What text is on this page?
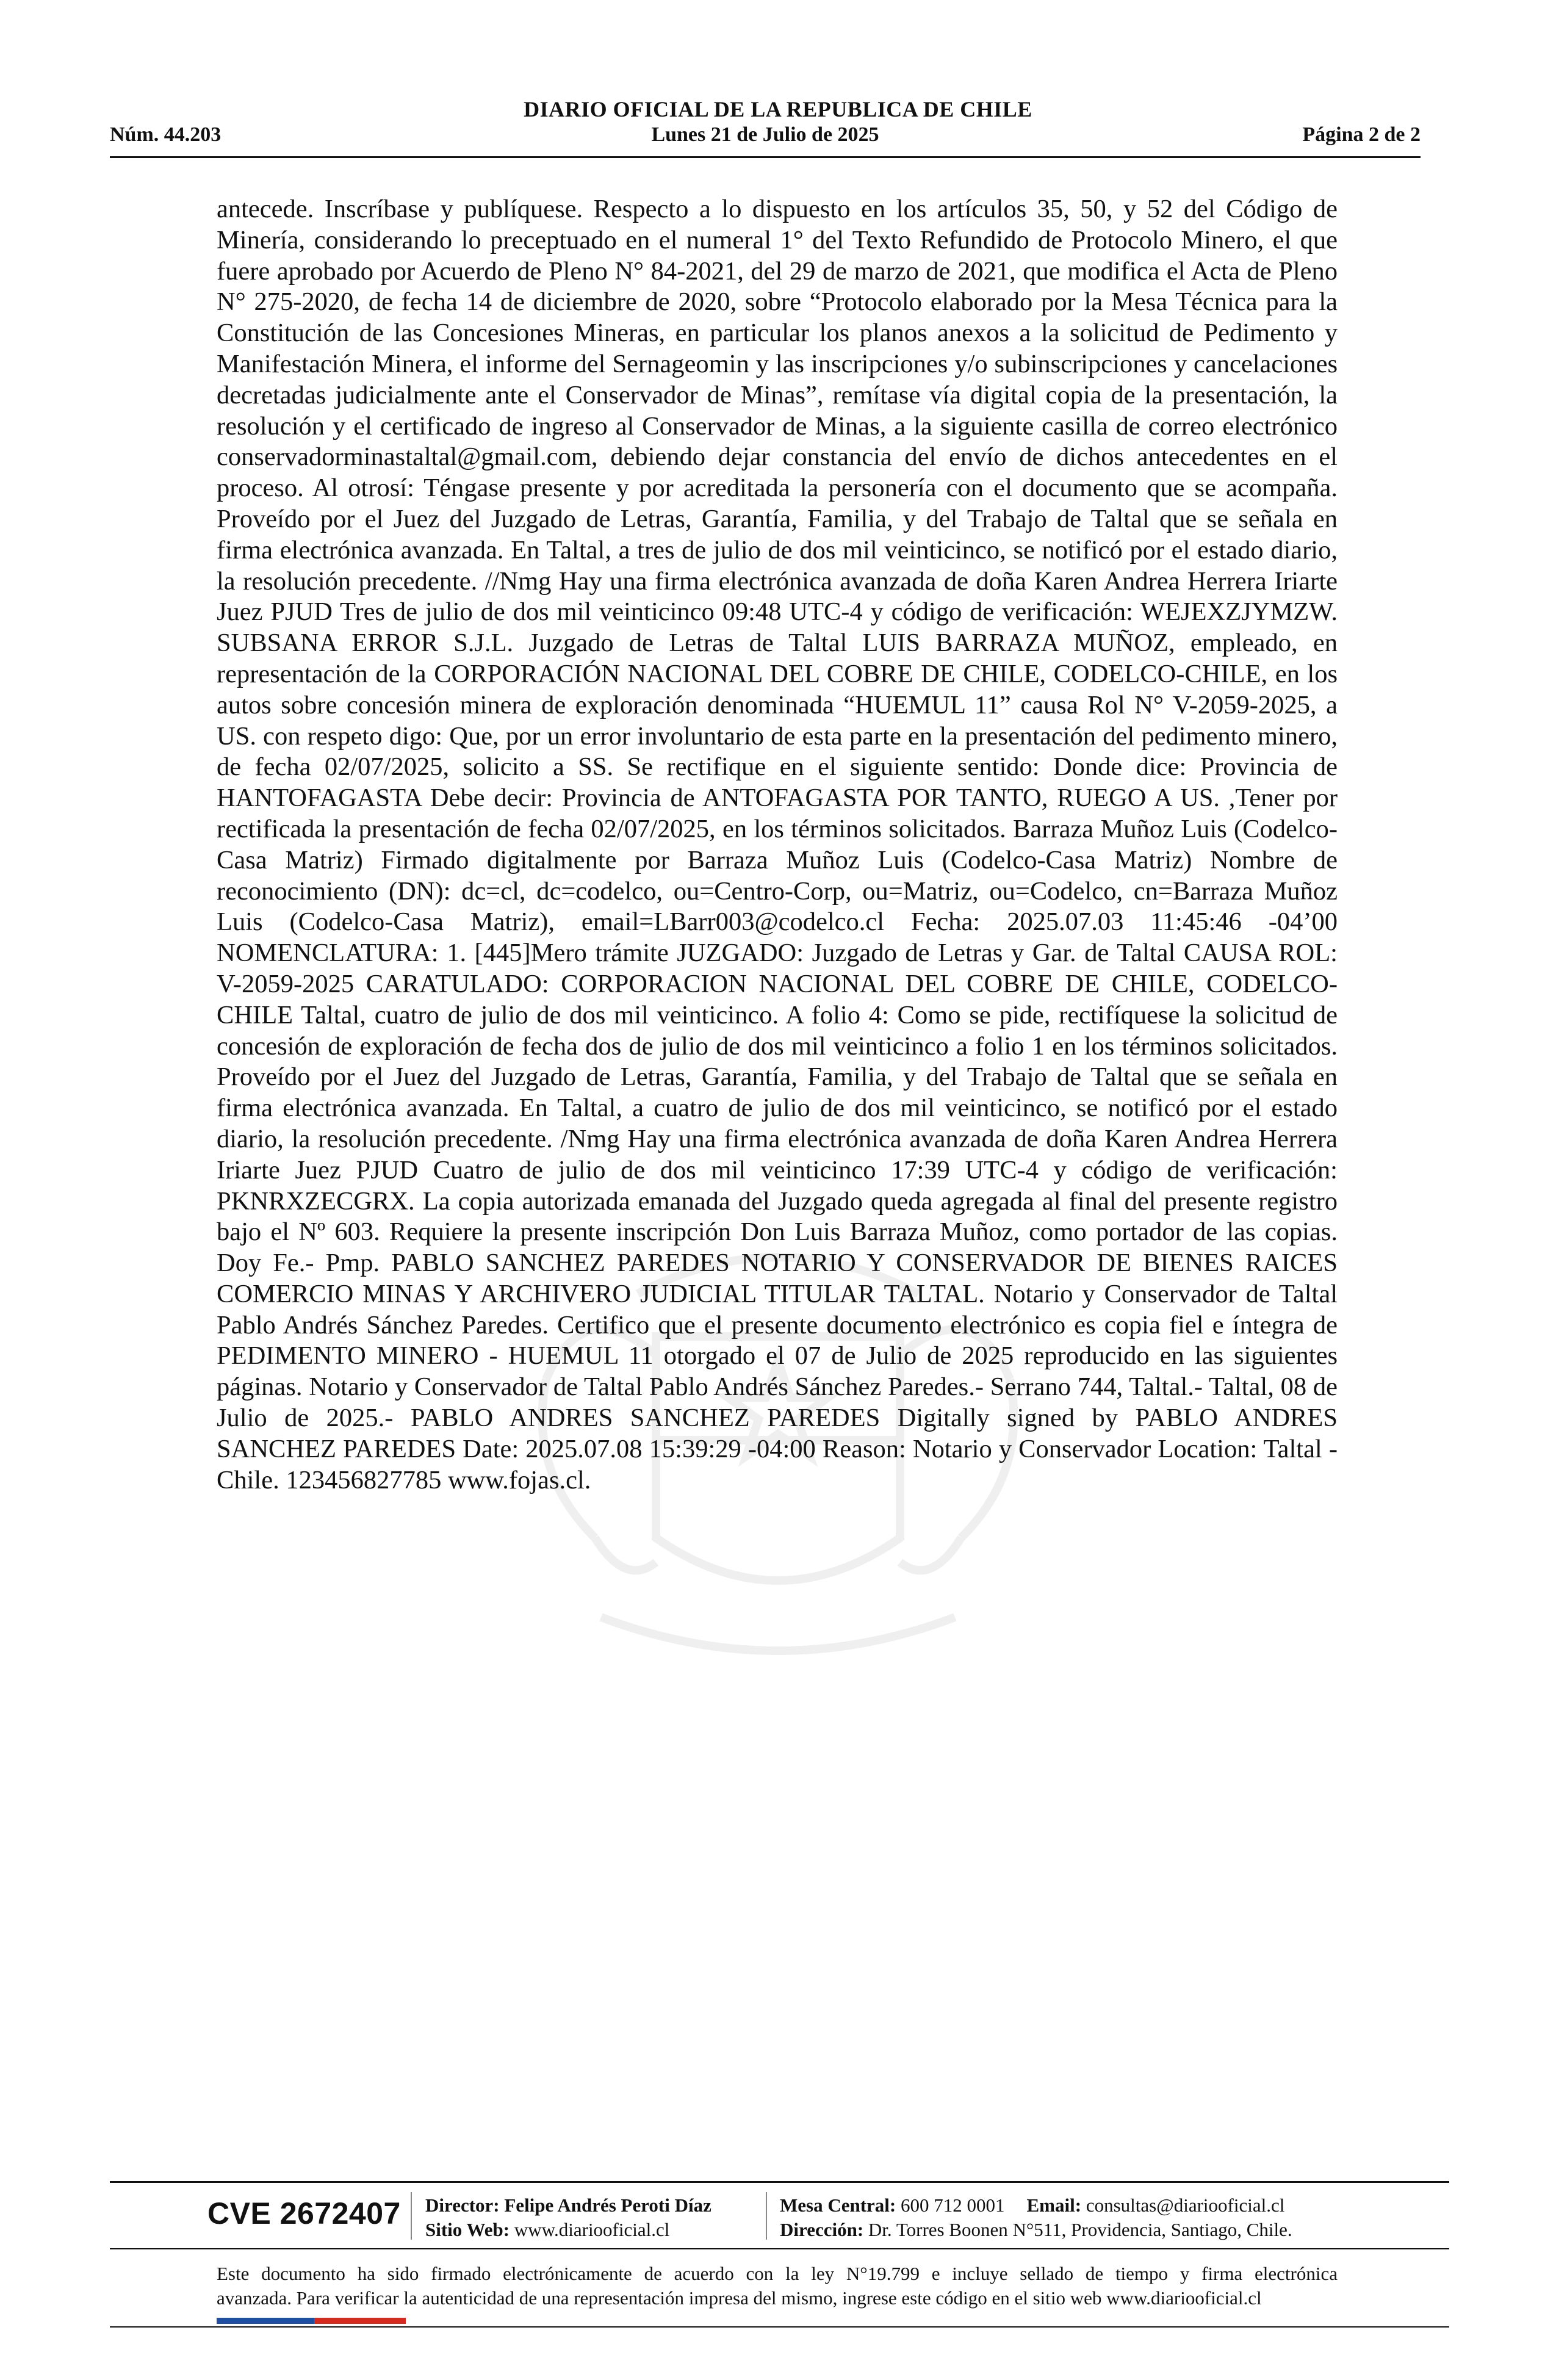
DIARIO OFICIAL DE LA REPUBLICA DE CHILE
Núm. 44.203	Lunes 21 de Julio de 2025	Página 2 de 2

antecede. Inscríbase y publíquese. Respecto a lo dispuesto en los artículos 35, 50, y 52 del Código de Minería, considerando lo preceptuado en el numeral 1° del Texto Refundido de Protocolo Minero, el que fuere aprobado por Acuerdo de Pleno N° 84-2021, del 29 de marzo de 2021, que modifica el Acta de Pleno N° 275-2020, de fecha 14 de diciembre de 2020, sobre “Protocolo elaborado por la Mesa Técnica para la Constitución de las Concesiones Mineras, en particular los planos anexos a la solicitud de Pedimento y Manifestación Minera, el informe del Sernageomin y las inscripciones y/o subinscripciones y cancelaciones decretadas judicialmente ante el Conservador de Minas”, remítase vía digital copia de la presentación, la resolución y el certificado de ingreso al Conservador de Minas, a la siguiente casilla de correo electrónico conservadorminastaltal@gmail.com, debiendo dejar constancia del envío de dichos antecedentes en el proceso. Al otrosí: Téngase presente y por acreditada la personería con el documento que se acompaña. Proveído por el Juez del Juzgado de Letras, Garantía, Familia, y del Trabajo de Taltal que se señala en firma electrónica avanzada. En Taltal, a tres de julio de dos mil veinticinco, se notificó por el estado diario, la resolución precedente. //Nmg Hay una firma electrónica avanzada de doña Karen Andrea Herrera Iriarte Juez PJUD Tres de julio de dos mil veinticinco 09:48 UTC-4 y código de verificación: WEJEXZJYMZW. SUBSANA ERROR S.J.L. Juzgado de Letras de Taltal LUIS BARRAZA MUÑOZ, empleado, en representación de la CORPORACIÓN NACIONAL DEL COBRE DE CHILE, CODELCO-CHILE, en los autos sobre concesión minera de exploración denominada “HUEMUL 11” causa Rol N° V-2059-2025, a US. con respeto digo: Que, por un error involuntario de esta parte en la presentación del pedimento minero, de fecha 02/07/2025, solicito a SS. Se rectifique en el siguiente sentido: Donde dice: Provincia de HANTOFAGASTA Debe decir: Provincia de ANTOFAGASTA POR TANTO, RUEGO A US. ,Tener por rectificada la presentación de fecha 02/07/2025, en los términos solicitados. Barraza Muñoz Luis (Codelco-Casa Matriz) Firmado digitalmente por Barraza Muñoz Luis (Codelco-Casa Matriz) Nombre de reconocimiento (DN): dc=cl, dc=codelco, ou=Centro-Corp, ou=Matriz, ou=Codelco, cn=Barraza Muñoz Luis (Codelco-Casa Matriz), email=LBarr003@codelco.cl Fecha: 2025.07.03 11:45:46 -04’00 NOMENCLATURA: 1. [445]Mero trámite JUZGADO: Juzgado de Letras y Gar. de Taltal CAUSA ROL: V-2059-2025 CARATULADO: CORPORACION NACIONAL DEL COBRE DE CHILE, CODELCO-CHILE Taltal, cuatro de julio de dos mil veinticinco. A folio 4: Como se pide, rectifíquese la solicitud de concesión de exploración de fecha dos de julio de dos mil veinticinco a folio 1 en los términos solicitados. Proveído por el Juez del Juzgado de Letras, Garantía, Familia, y del Trabajo de Taltal que se señala en firma electrónica avanzada. En Taltal, a cuatro de julio de dos mil veinticinco, se notificó por el estado diario, la resolución precedente. /Nmg Hay una firma electrónica avanzada de doña Karen Andrea Herrera Iriarte Juez PJUD Cuatro de julio de dos mil veinticinco 17:39 UTC-4 y código de verificación: PKNRXZECGRX. La copia autorizada emanada del Juzgado queda agregada al final del presente registro bajo el Nº 603. Requiere la presente inscripción Don Luis Barraza Muñoz, como portador de las copias. Doy Fe.- Pmp. PABLO SANCHEZ PAREDES NOTARIO Y CONSERVADOR DE BIENES RAICES COMERCIO MINAS Y ARCHIVERO JUDICIAL TITULAR TALTAL. Notario y Conservador de Taltal Pablo Andrés Sánchez Paredes. Certifico que el presente documento electrónico es copia fiel e íntegra de PEDIMENTO MINERO - HUEMUL 11 otorgado el 07 de Julio de 2025 reproducido en las siguientes páginas. Notario y Conservador de Taltal Pablo Andrés Sánchez Paredes.- Serrano 744, Taltal.- Taltal, 08 de Julio de 2025.- PABLO ANDRES SANCHEZ PAREDES Digitally signed by PABLO ANDRES SANCHEZ PAREDES Date: 2025.07.08 15:39:29 -04:00 Reason: Notario y Conservador Location: Taltal - Chile. 123456827785 www.fojas.cl.

CVE 2672407 Director: Felipe Andrés Peroti Díaz
Sitio Web: www.diariooficial.cl
Mesa Central: 600 712 0001 Email: consultas@diariooficial.cl
Dirección: Dr. Torres Boonen N°511, Providencia, Santiago, Chile.
Este documento ha sido firmado electrónicamente de acuerdo con la ley N°19.799 e incluye sellado de tiempo y firma electrónica
avanzada. Para verificar la autenticidad de una representación impresa del mismo, ingrese este código en el sitio web www.diariooficial.cl
